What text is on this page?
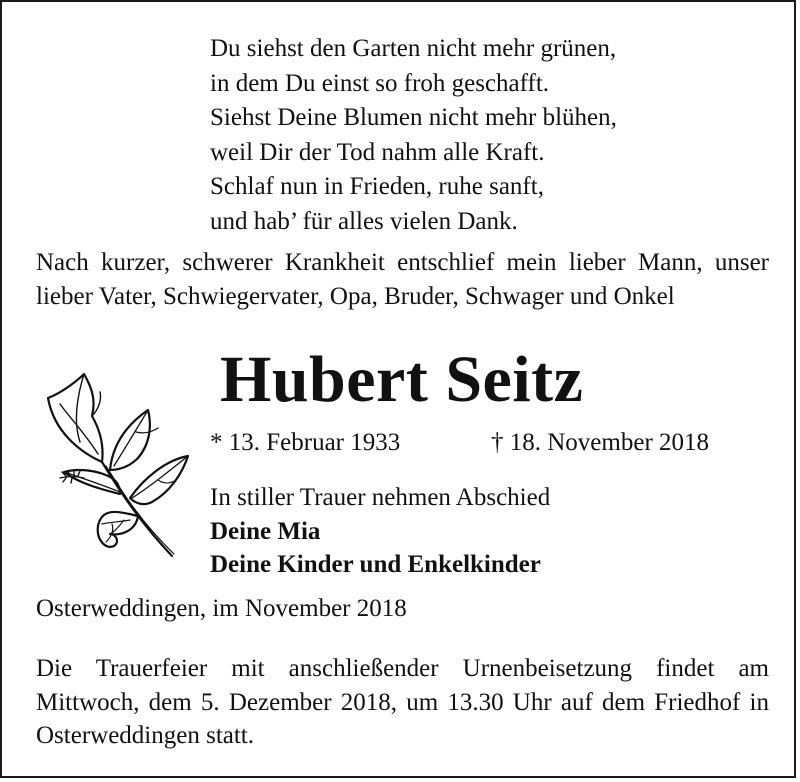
Du siehst den Garten nicht mehr grünen,
in dem Du einst so froh geschafft.
Siehst Deine Blumen nicht mehr blühen,
weil Dir der Tod nahm alle Kraft.
Schlaf nun in Frieden, ruhe sanft,
und hab’ für alles vielen Dank.
Nach kurzer, schwerer Krankheit entschlief mein lieber Mann, unser lieber Vater, Schwiegervater, Opa, Bruder, Schwager und Onkel
Hubert Seitz
* 13. Februar 1933	† 18. November 2018
In stiller Trauer nehmen Abschied
Deine Mia
Deine Kinder und Enkelkinder
Osterweddingen, im November 2018
Die Trauerfeier mit anschließender Urnenbeisetzung findet am Mittwoch, dem 5. Dezember 2018, um 13.30 Uhr auf dem Friedhof in Osterweddingen statt.
